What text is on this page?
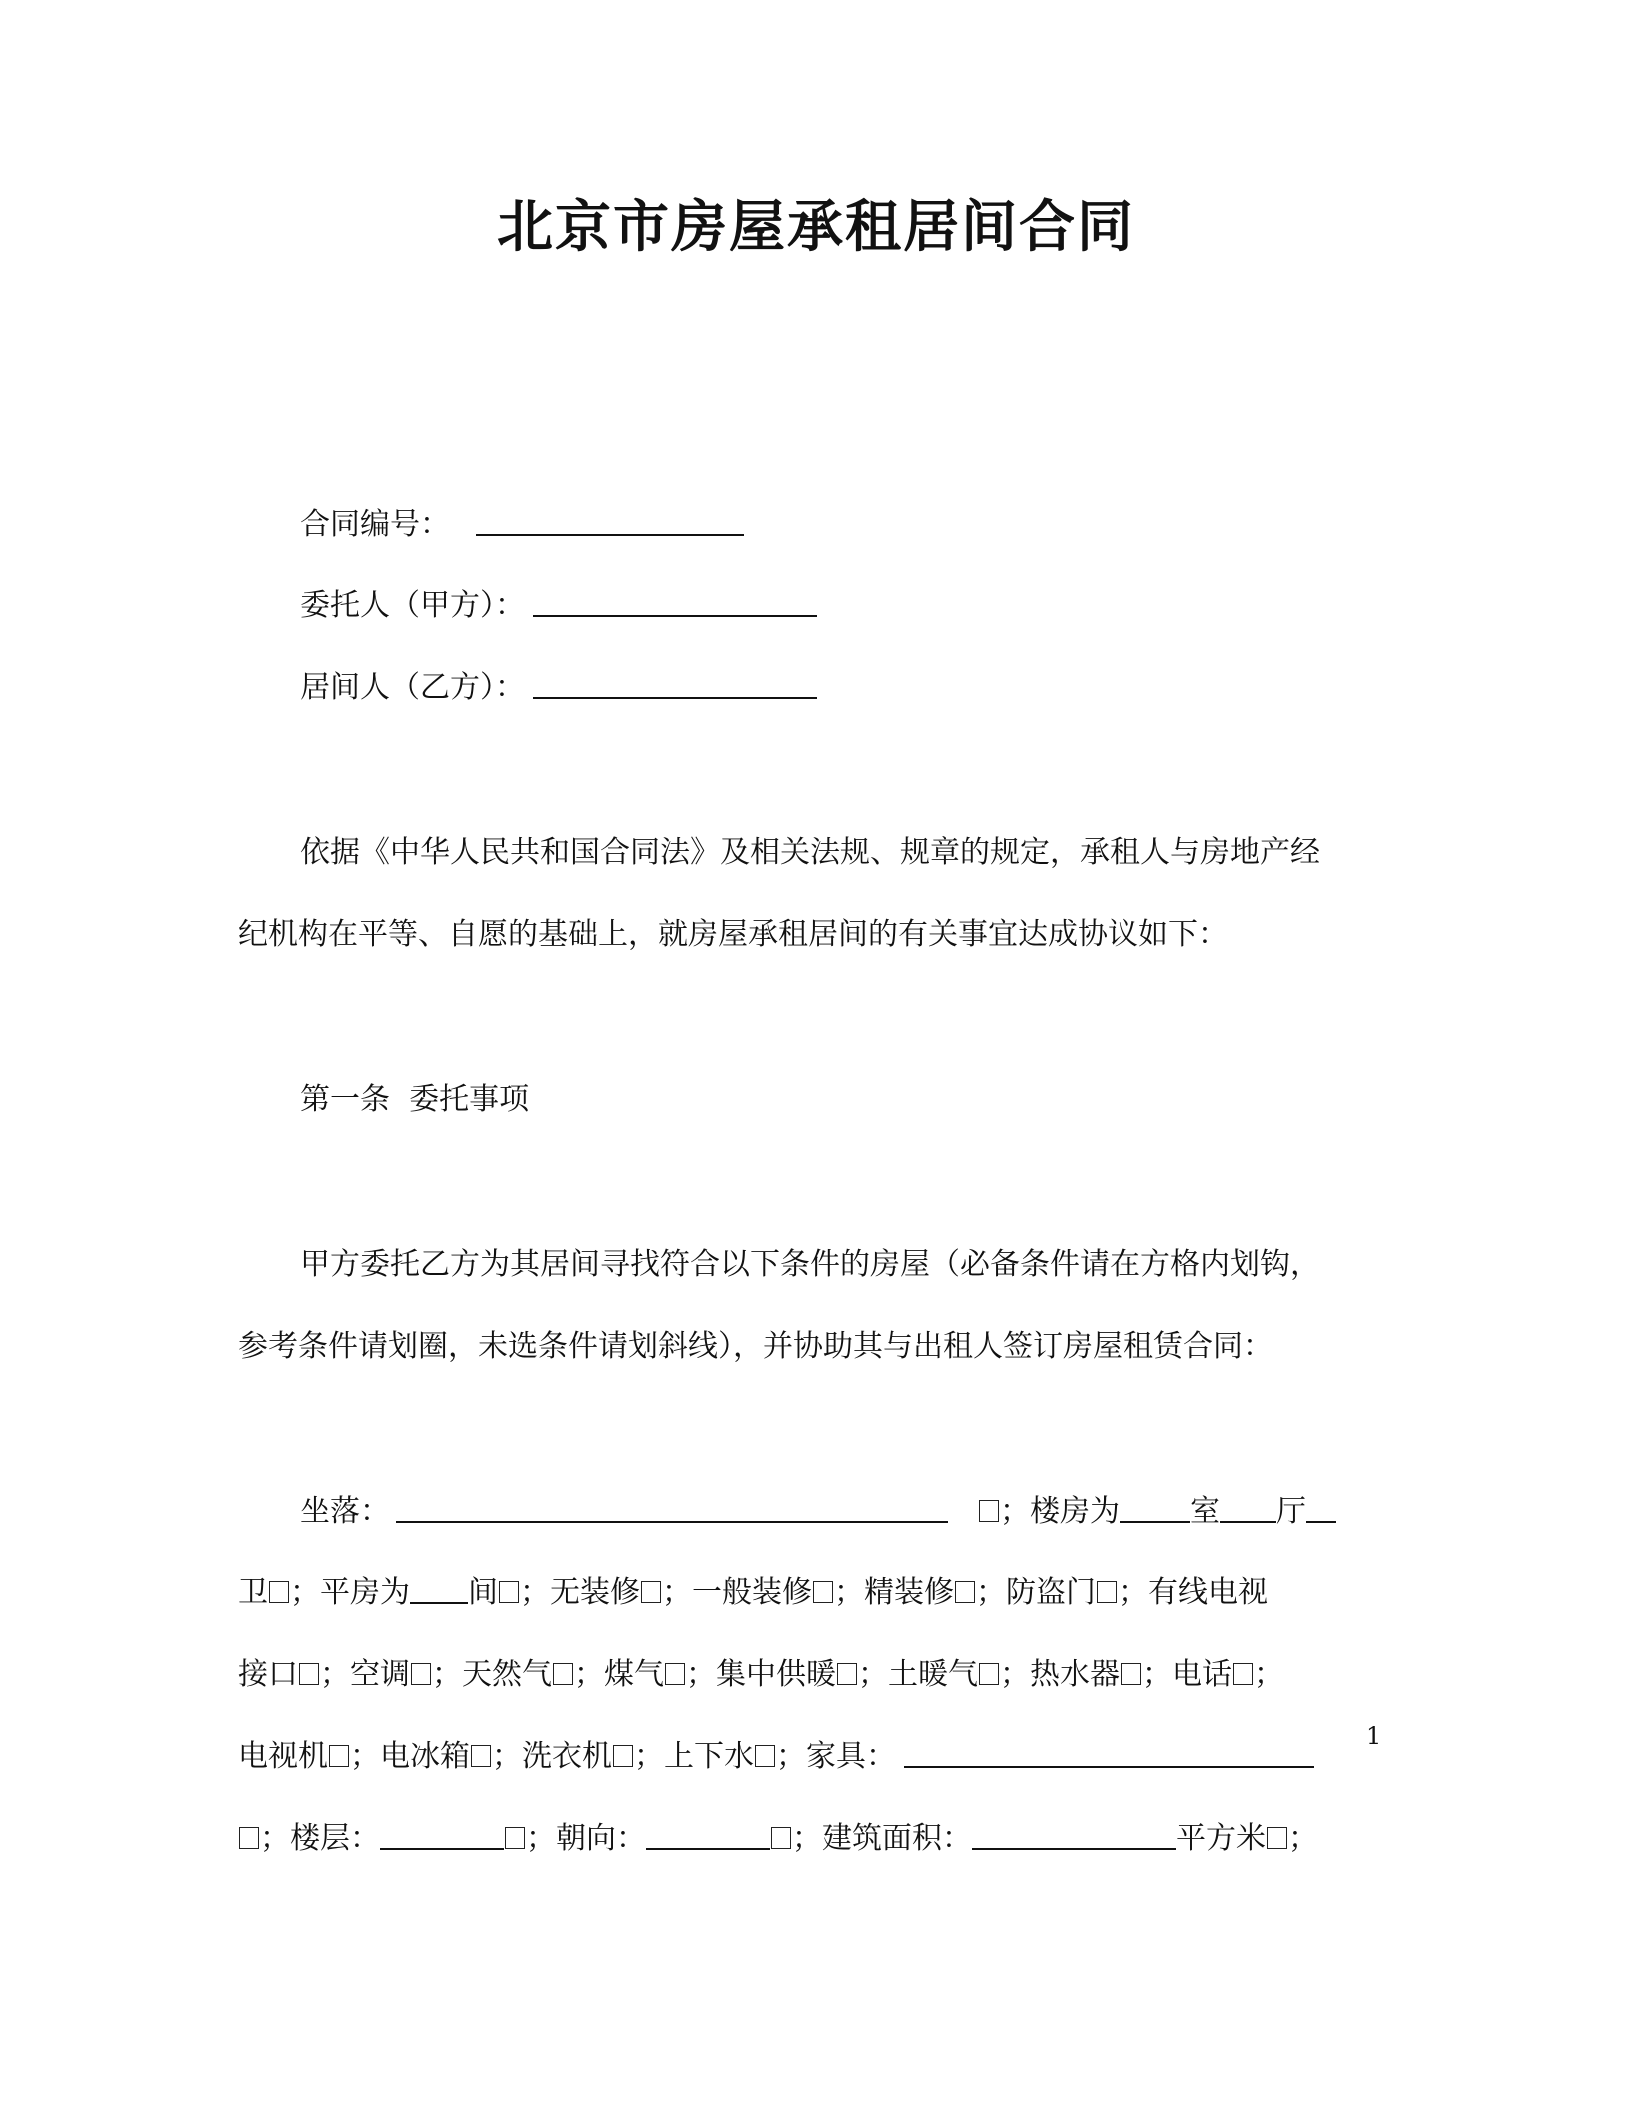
北京市房屋承租居间合同
合同编号：
委托人（甲方）：
居间人（乙方）：
依据《中华人民共和国合同法》及相关法规、规章的规定，承租人与房地产经
纪机构在平等、自愿的基础上，就房屋承租居间的有关事宜达成协议如下：
第一条  委托事项
甲方委托乙方为其居间寻找符合以下条件的房屋（必备条件请在方格内划钩，
参考条件请划圈，未选条件请划斜线），并协助其与出租人签订房屋租赁合同：
坐落：	；楼房为 室 厅
卫 ；平房为 间 ；无装修 ；一般装修 ；精装修 ；防盗门 ；有线电视
接口 ；空调 ；天然气 ；煤气 ；集中供暖 ；土暖气 ；热水器 ；电话 ；
电视机 ；电冰箱 ；洗衣机 ；上下水 ；家具：
；楼层：	；朝向：	；建筑面积：	平方米 ；
1
